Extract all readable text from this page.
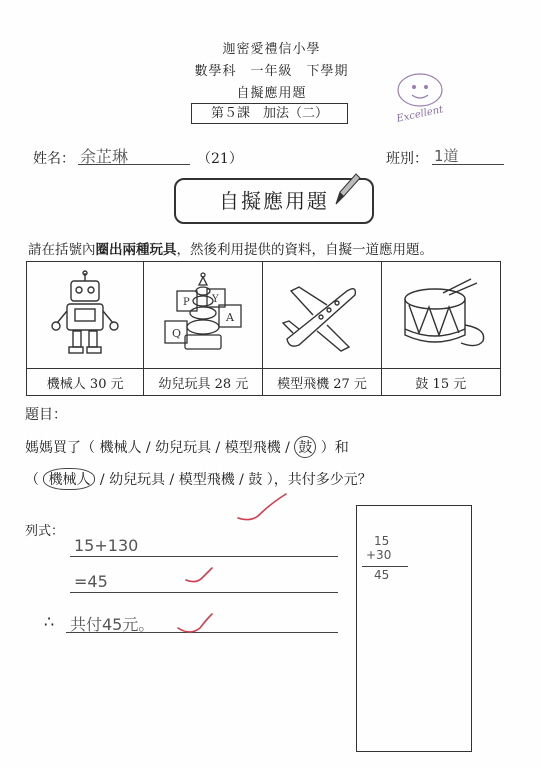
迦密愛禮信小學
數學科　一年級　下學期
自擬應用題
第５課　加法（二）	Excellent
姓名： 余芷琳	（21）	班別： 1道
自擬應用題
請在括號內圈出兩種玩具，然後利用提供的資料，自擬一道應用題。

Q
A
P Y

機械人 30 元	幼兒玩具 28 元	模型飛機 27 元	鼓 15 元
題目：
媽媽買了（ 機械人 / 幼兒玩具 / 模型飛機 / 鼓 ）和
（ 機械人 / 幼兒玩具 / 模型飛機 / 鼓 ），共付多少元？
列式：
15+130
=45
∴ 共付45元。
15
+30
45
